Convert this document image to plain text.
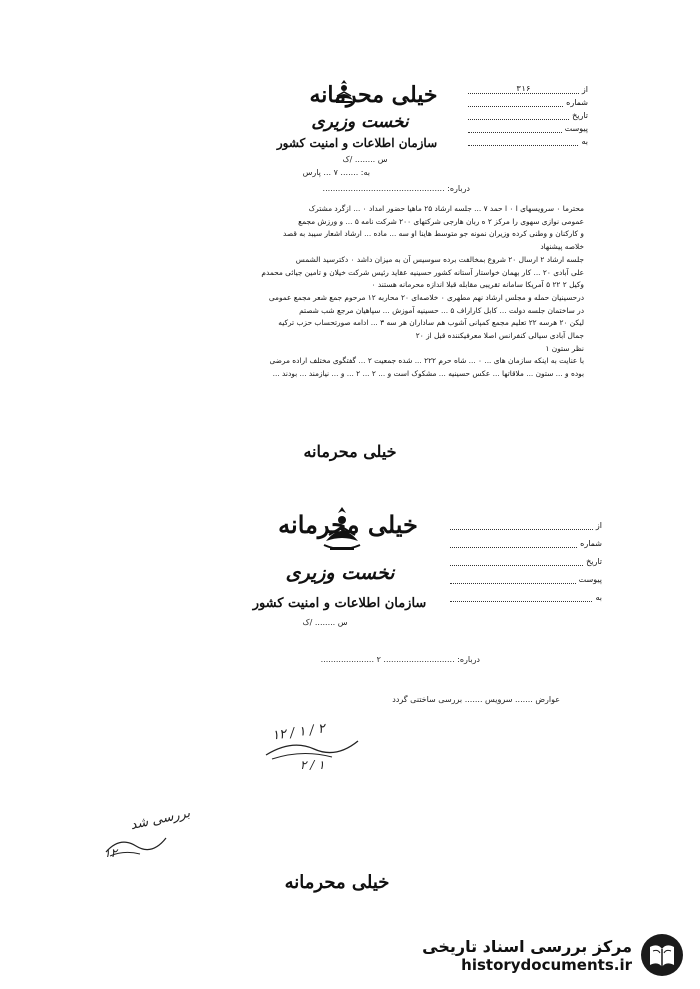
خیلی محرمانه
نخست وزیری
سازمان اطلاعات و امنیت کشور
س ........ /ک
از
۳۱۶
شماره
تاریخ
پیوست
به
به: ....... ۷ ... پارس
درباره: ................................................
محترما ۰ سرویسهای ا ۰ ا حمد ۷ ... جلسه ارشاد ۲۵ ماهیا حضور امداد ۰ ... ازگرد مشترک
عمومی نوازی سهوی را مرکز ۲ ه ربان هارجی شرکتهای ۲۰۰ شرکت نامه ۵ ... و ورزش مجمع
و کارکنان و وطنی کرده وزیران نمونه جو متوسط هاینا او سه ... ماده ... ارشاد اشعار سیبد به قصد
خلاصه پیشنهاد
جلسه ارشاد ۲ ارسال ۲۰ شروع بمخالفت برده سوسیس آن به میزان داشد ۰ دکترسید الشمس
علی آبادی ۲۰ ... کار بهمان خواستار آستانه کشور حسینیه عقاید رئیس شرکت خیلان و تامین جیائی محمدم
وکیل ۲ ۲۲ ۵ آمریکا سامانه تقریبی مقابله قبلا اندازه محرمانه هستند ۰
درحسینیان حمله و مجلس ارشاد نهم مطهری ۰ خلاصه‌ای ۲۰ محاربه ۱۲ مرحوم جمع شعر مجمع عمومی
در ساختمان جلسه دولت ... کابل کاراراف ۵ ... حسینیه آموزش ... سپاهیان مرجع شب شصتم
لیکن ۲۰ هرسه ۲۲ تعلیم مجمع کمپانی آشوب هم ساداران هر سه ۳ ... ادامه صورتحساب حزب ترکیه
جمال آبادی سیالی کنفرانس اصلا معرفیکننده قبل از ۲۰
نظر ستون ۱
با عنایت به اینکه سازمان های ... ۰ ... شاه حرم ۲۲۲ ... شده جمعیت ۲ ... گفتگوی مختلف اراده مرضی
بوده و ... ستون ... ملاقاتها ... عکس حسینیه ... مشکوک است و ... ۲ ... ۲ ... و ... نیازمند ... بودند ...
خیلی محرمانه
خیلی محرمانه
نخست وزیری
سازمان اطلاعات و امنیت کشور
س ........ /ک
از
شماره
تاریخ
پیوست
به
درباره: ............................ ۲ .....................
عوارض ....... سرویس ....... بررسی ساختنی گردد
۱۲ / ۱ / ۲
۲ / ۱
بررسی شد
۱۲
خیلی محرمانه
مرکز بررسی اسناد تاریخی
historydocuments.ir
